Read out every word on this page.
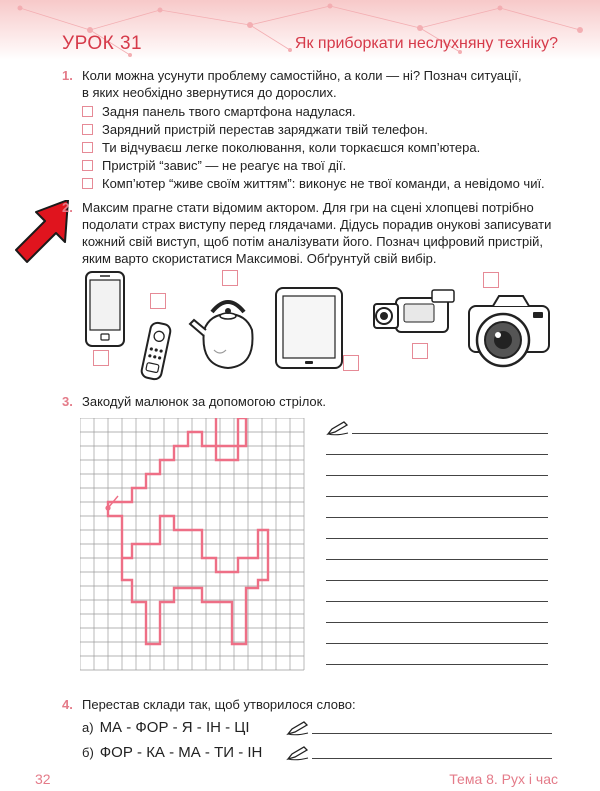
УРОК 31	Як приборкати неслухняну техніку?
1. Коли можна усунути проблему самостійно, а коли — ні? Познач ситуації,
в яких необхідно звернутися до дорослих.
Задня панель твого смартфона надулася.
Зарядний пристрій перестав заряджати твій телефон.
Ти відчуваєш легке поколювання, коли торкаєшся комп’ютера.
Пристрій “завис” — не реагує на твої дії.
Комп’ютер “живе своїм життям”: виконує не твої команди, а невідомо чиї.
2. Максим прагне стати відомим актором. Для гри на сцені хлопцеві потрібно
подолати страх виступу перед глядачами. Дідусь порадив онукові записувати
кожний свій виступ, щоб потім аналізувати його. Познач цифровий пристрій,
яким варто скористатися Максимові. Обґрунтуй свій вибір.
3. Закодуй малюнок за допомогою стрілок.
4. Перестав склади так, щоб утворилося слово:
а) МА - ФОР - Я - ІН - ЦІ
б) ФОР - КА - МА - ТИ - ІН
32	Тема 8. Рух і час
